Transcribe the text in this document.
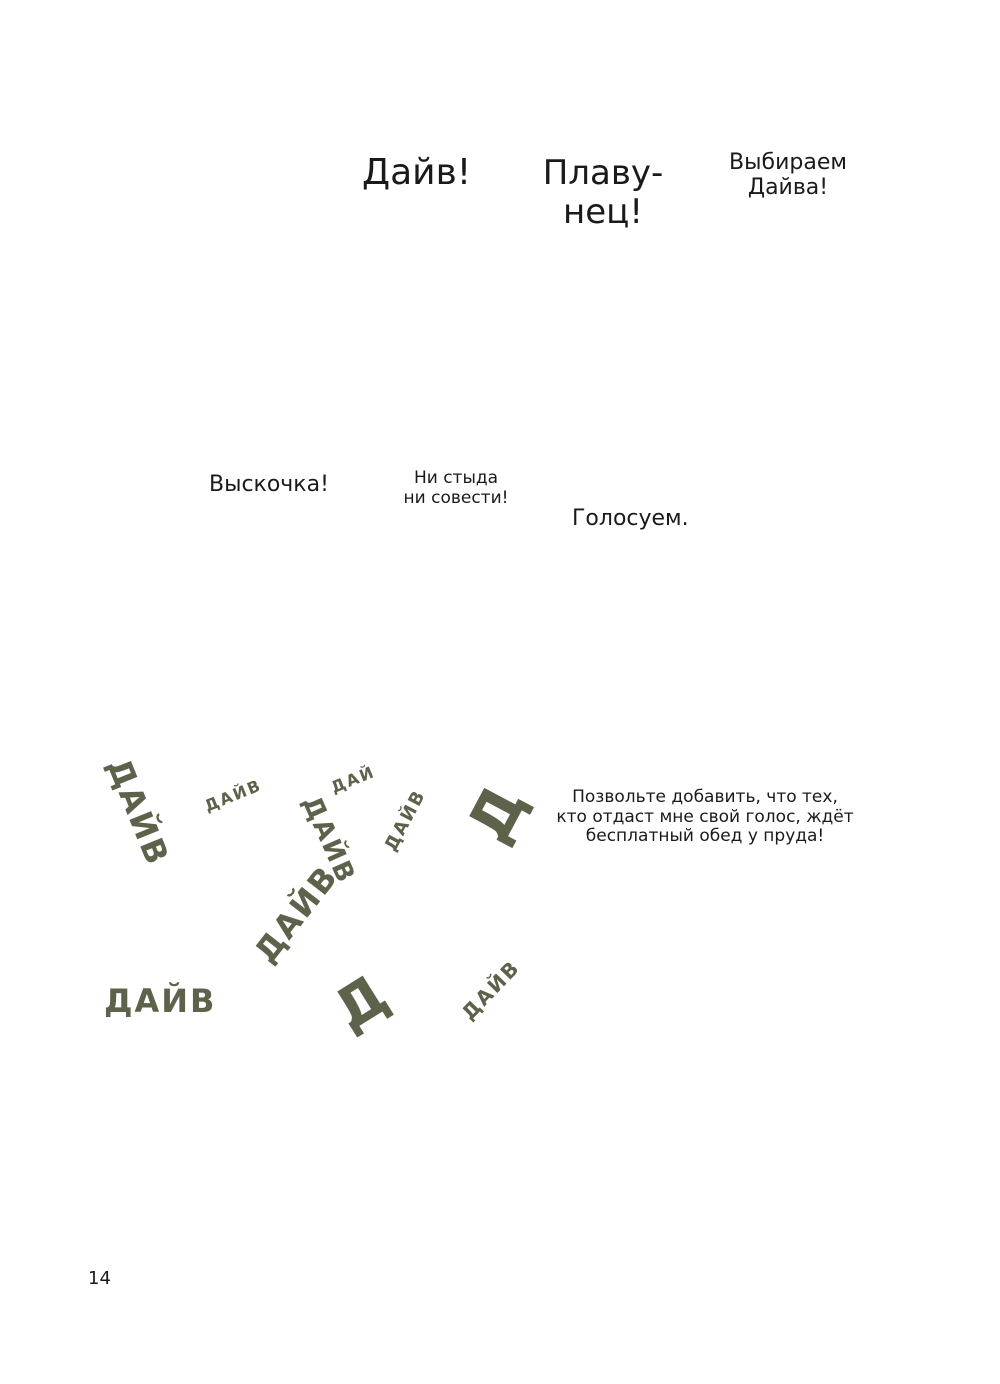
Дайв! Плаву-
нец!
Выбираем
Дайва!
Выскочка!	Ни стыда
ни совести!
Голосуем.
Позвольте добавить, что тех,
кто отдаст мне свой голос, ждёт
бесплатный обед у пруда!
ДАЙВ ДАЙВ	ДАЙ
ДАЙВ ДАЙВ Д
ДАЙВ
ДАЙВ Д	ДАЙВ
14
